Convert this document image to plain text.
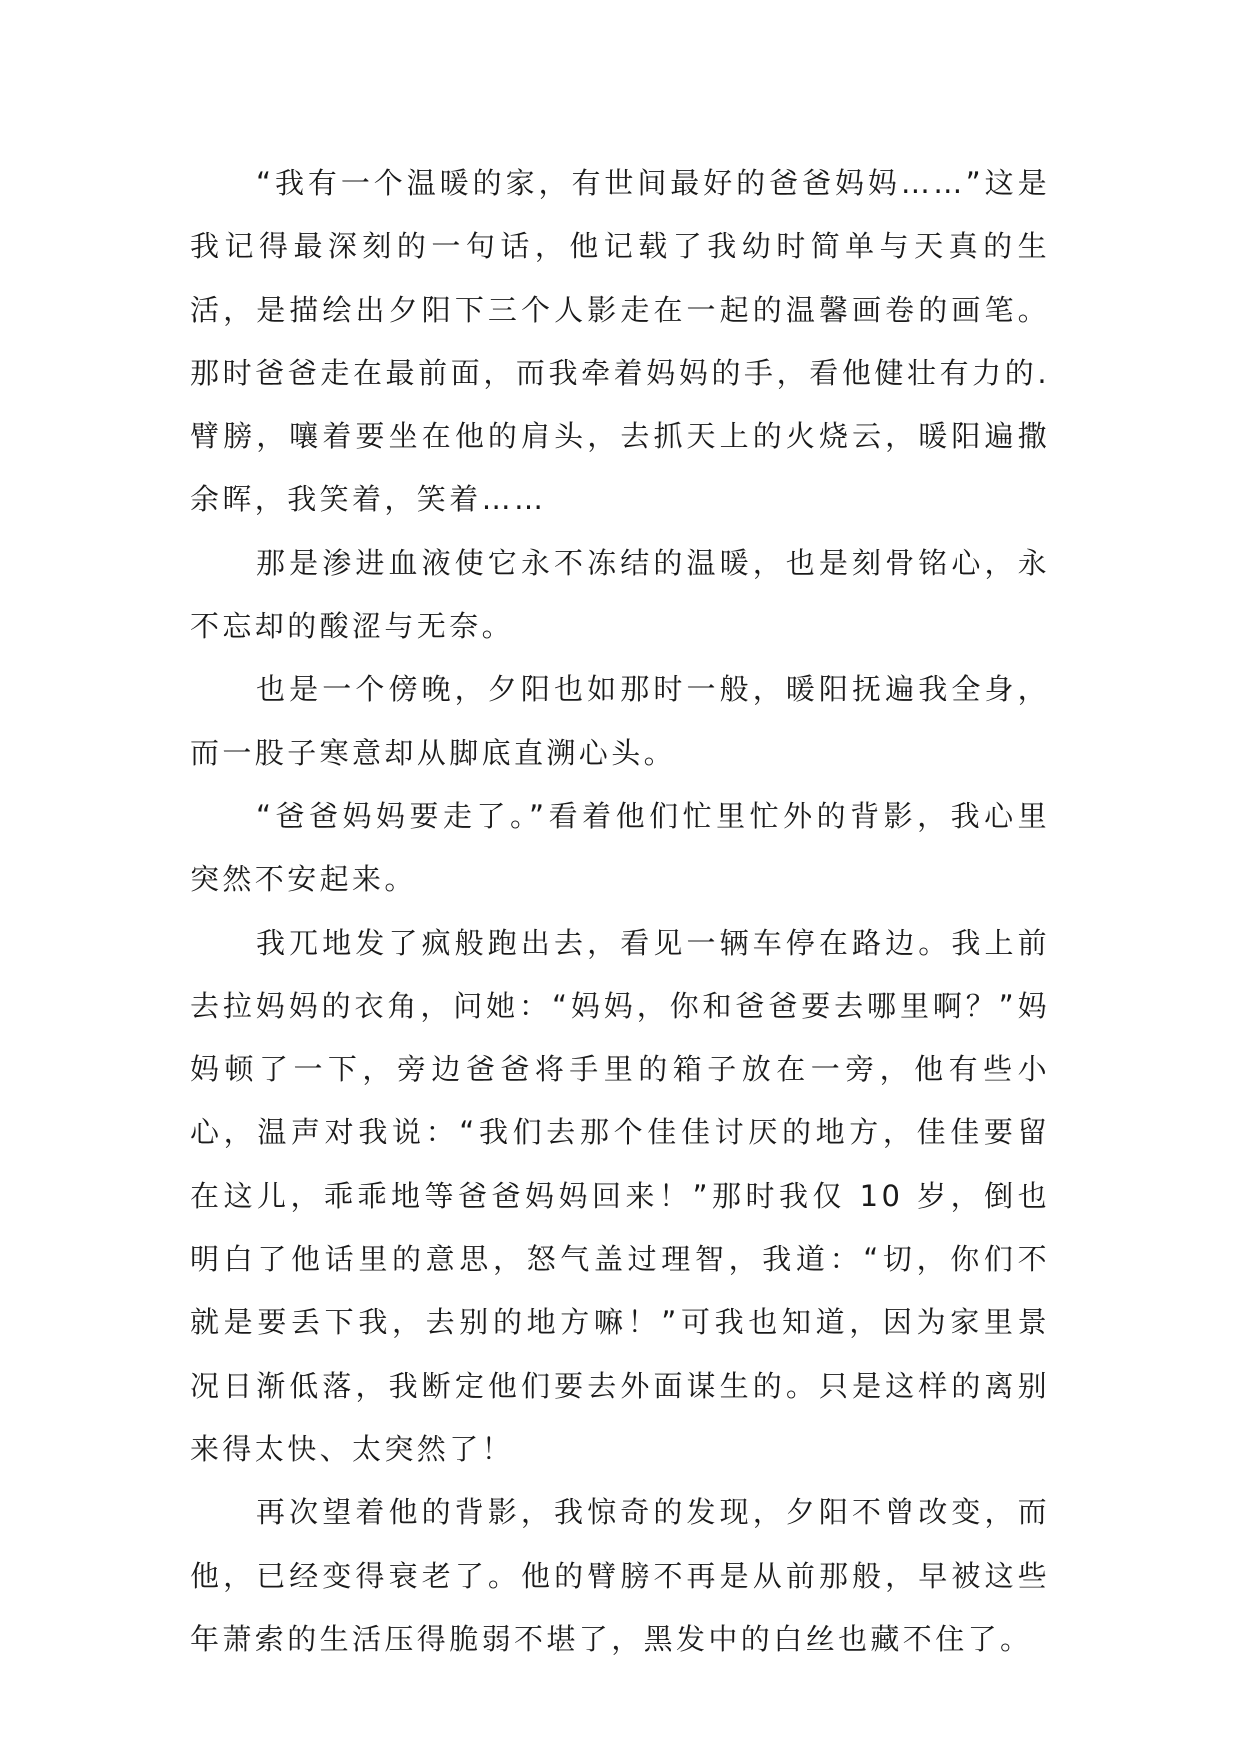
“我有一个温暖的家，有世间最好的爸爸妈妈……”这是我记得最深刻的一句话，他记载了我幼时简单与天真的生活，是描绘出夕阳下三个人影走在一起的温馨画卷的画笔。那时爸爸走在最前面，而我牵着妈妈的手，看他健壮有力的.臂膀，嚷着要坐在他的肩头，去抓天上的火烧云，暖阳遍撒余晖，我笑着，笑着……

那是渗进血液使它永不冻结的温暖，也是刻骨铭心，永不忘却的酸涩与无奈。

也是一个傍晚，夕阳也如那时一般，暖阳抚遍我全身，而一股子寒意却从脚底直溯心头。

“爸爸妈妈要走了。”看着他们忙里忙外的背影，我心里突然不安起来。

我兀地发了疯般跑出去，看见一辆车停在路边。我上前去拉妈妈的衣角，问她：“妈妈，你和爸爸要去哪里啊？”妈妈顿了一下，旁边爸爸将手里的箱子放在一旁，他有些小心，温声对我说：“我们去那个佳佳讨厌的地方，佳佳要留在这儿，乖乖地等爸爸妈妈回来！”那时我仅 10 岁，倒也明白了他话里的意思，怒气盖过理智，我道：“切，你们不就是要丢下我，去别的地方嘛！”可我也知道，因为家里景况日渐低落，我断定他们要去外面谋生的。只是这样的离别来得太快、太突然了！

再次望着他的背影，我惊奇的发现，夕阳不曾改变，而他，已经变得衰老了。他的臂膀不再是从前那般，早被这些年萧索的生活压得脆弱不堪了，黑发中的白丝也藏不住了。
